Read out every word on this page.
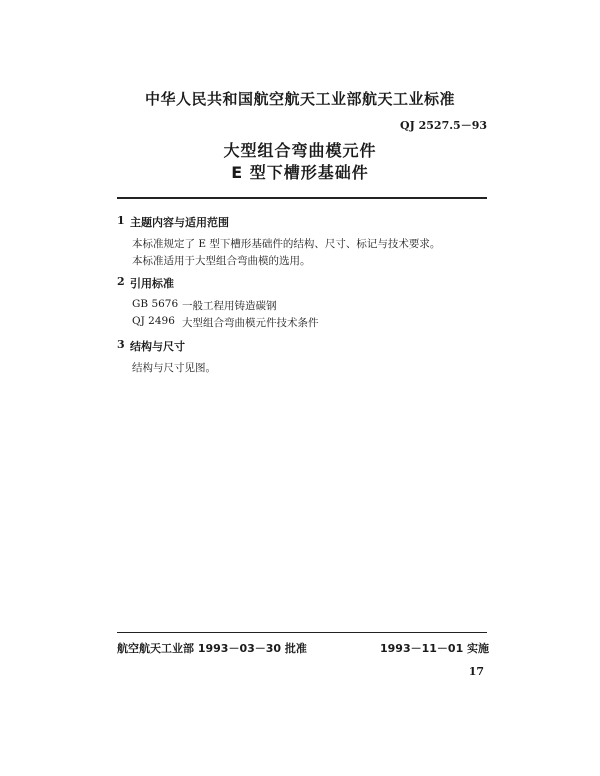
中华人民共和国航空航天工业部航天工业标准
QJ 2527.5－93
大型组合弯曲模元件
E 型下槽形基础件
1 主题内容与适用范围
本标准规定了 E 型下槽形基础件的结构、尺寸、标记与技术要求。
本标准适用于大型组合弯曲模的选用。
2 引用标准
GB 5676 一般工程用铸造碳钢
QJ 2496 大型组合弯曲模元件技术条件
3 结构与尺寸
结构与尺寸见图。
航空航天工业部 1993－03－30 批准	1993－11－01 实施
17
